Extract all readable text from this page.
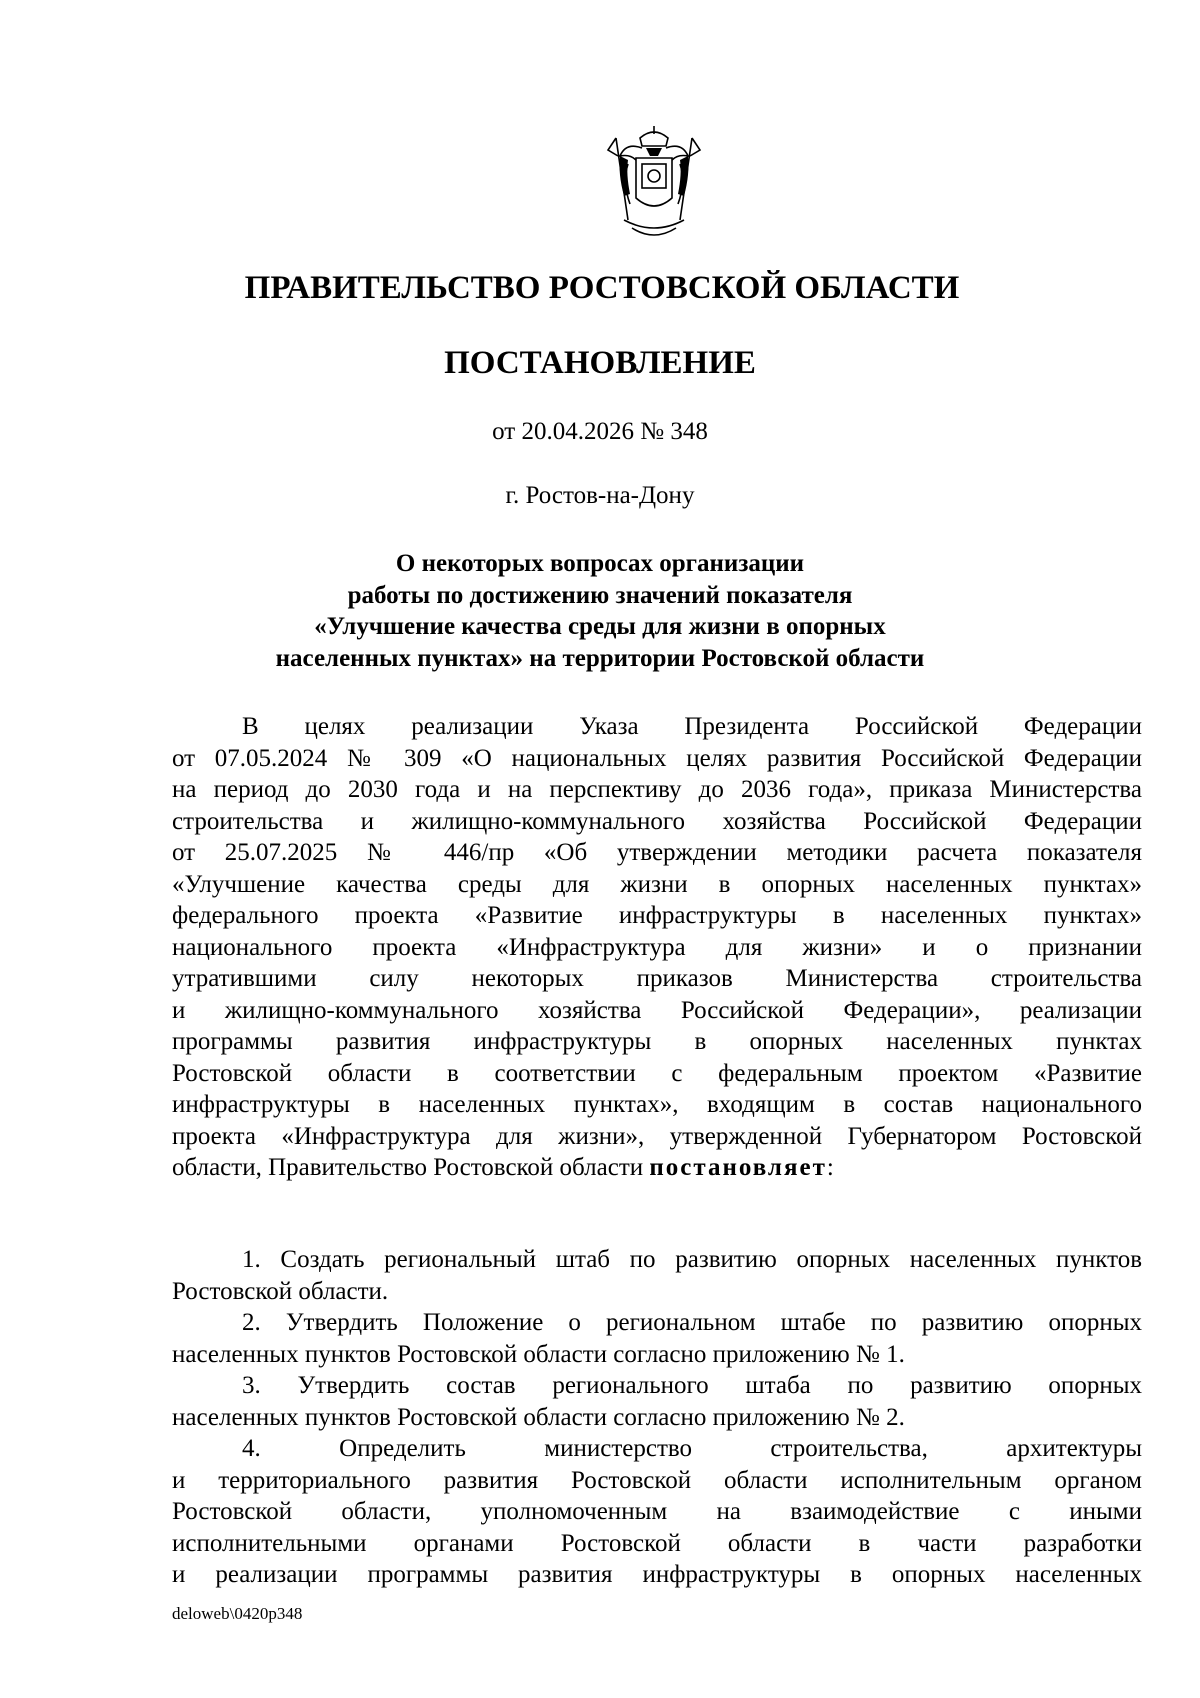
ПРАВИТЕЛЬСТВО РОСТОВСКОЙ ОБЛАСТИ
ПОСТАНОВЛЕНИЕ

от 20.04.2026 № 348

г. Ростов-на-Дону

О некоторых вопросах организации
работы по достижению значений показателя
«Улучшение качества среды для жизни в опорных
населенных пунктах» на территории Ростовской области
В целях реализации Указа Президента Российской Федерации
от 07.05.2024 № 309 «О национальных целях развития Российской Федерации
на период до 2030 года и на перспективу до 2036 года», приказа Министерства
строительства и жилищно-коммунального хозяйства Российской Федерации
от 25.07.2025 № 446/пр «Об утверждении методики расчета показателя
«Улучшение качества среды для жизни в опорных населенных пунктах»
федерального проекта «Развитие инфраструктуры в населенных пунктах»
национального проекта «Инфраструктура для жизни» и о признании
утратившими силу некоторых приказов Министерства строительства
и жилищно-коммунального хозяйства Российской Федерации», реализации
программы развития инфраструктуры в опорных населенных пунктах
Ростовской области в соответствии с федеральным проектом «Развитие
инфраструктуры в населенных пунктах», входящим в состав национального
проекта «Инфраструктура для жизни», утвержденной Губернатором Ростовской
области, Правительство Ростовской области постановляет:
1. Создать региональный штаб по развитию опорных населенных пунктов
Ростовской области.
2. Утвердить Положение о региональном штабе по развитию опорных
населенных пунктов Ростовской области согласно приложению № 1.
3. Утвердить состав регионального штаба по развитию опорных
населенных пунктов Ростовской области согласно приложению № 2.
4. Определить министерство строительства, архитектуры
и территориального развития Ростовской области исполнительным органом
Ростовской области, уполномоченным на взаимодействие с иными
исполнительными органами Ростовской области в части разработки
и реализации программы развития инфраструктуры в опорных населенных
deloweb\0420p348
